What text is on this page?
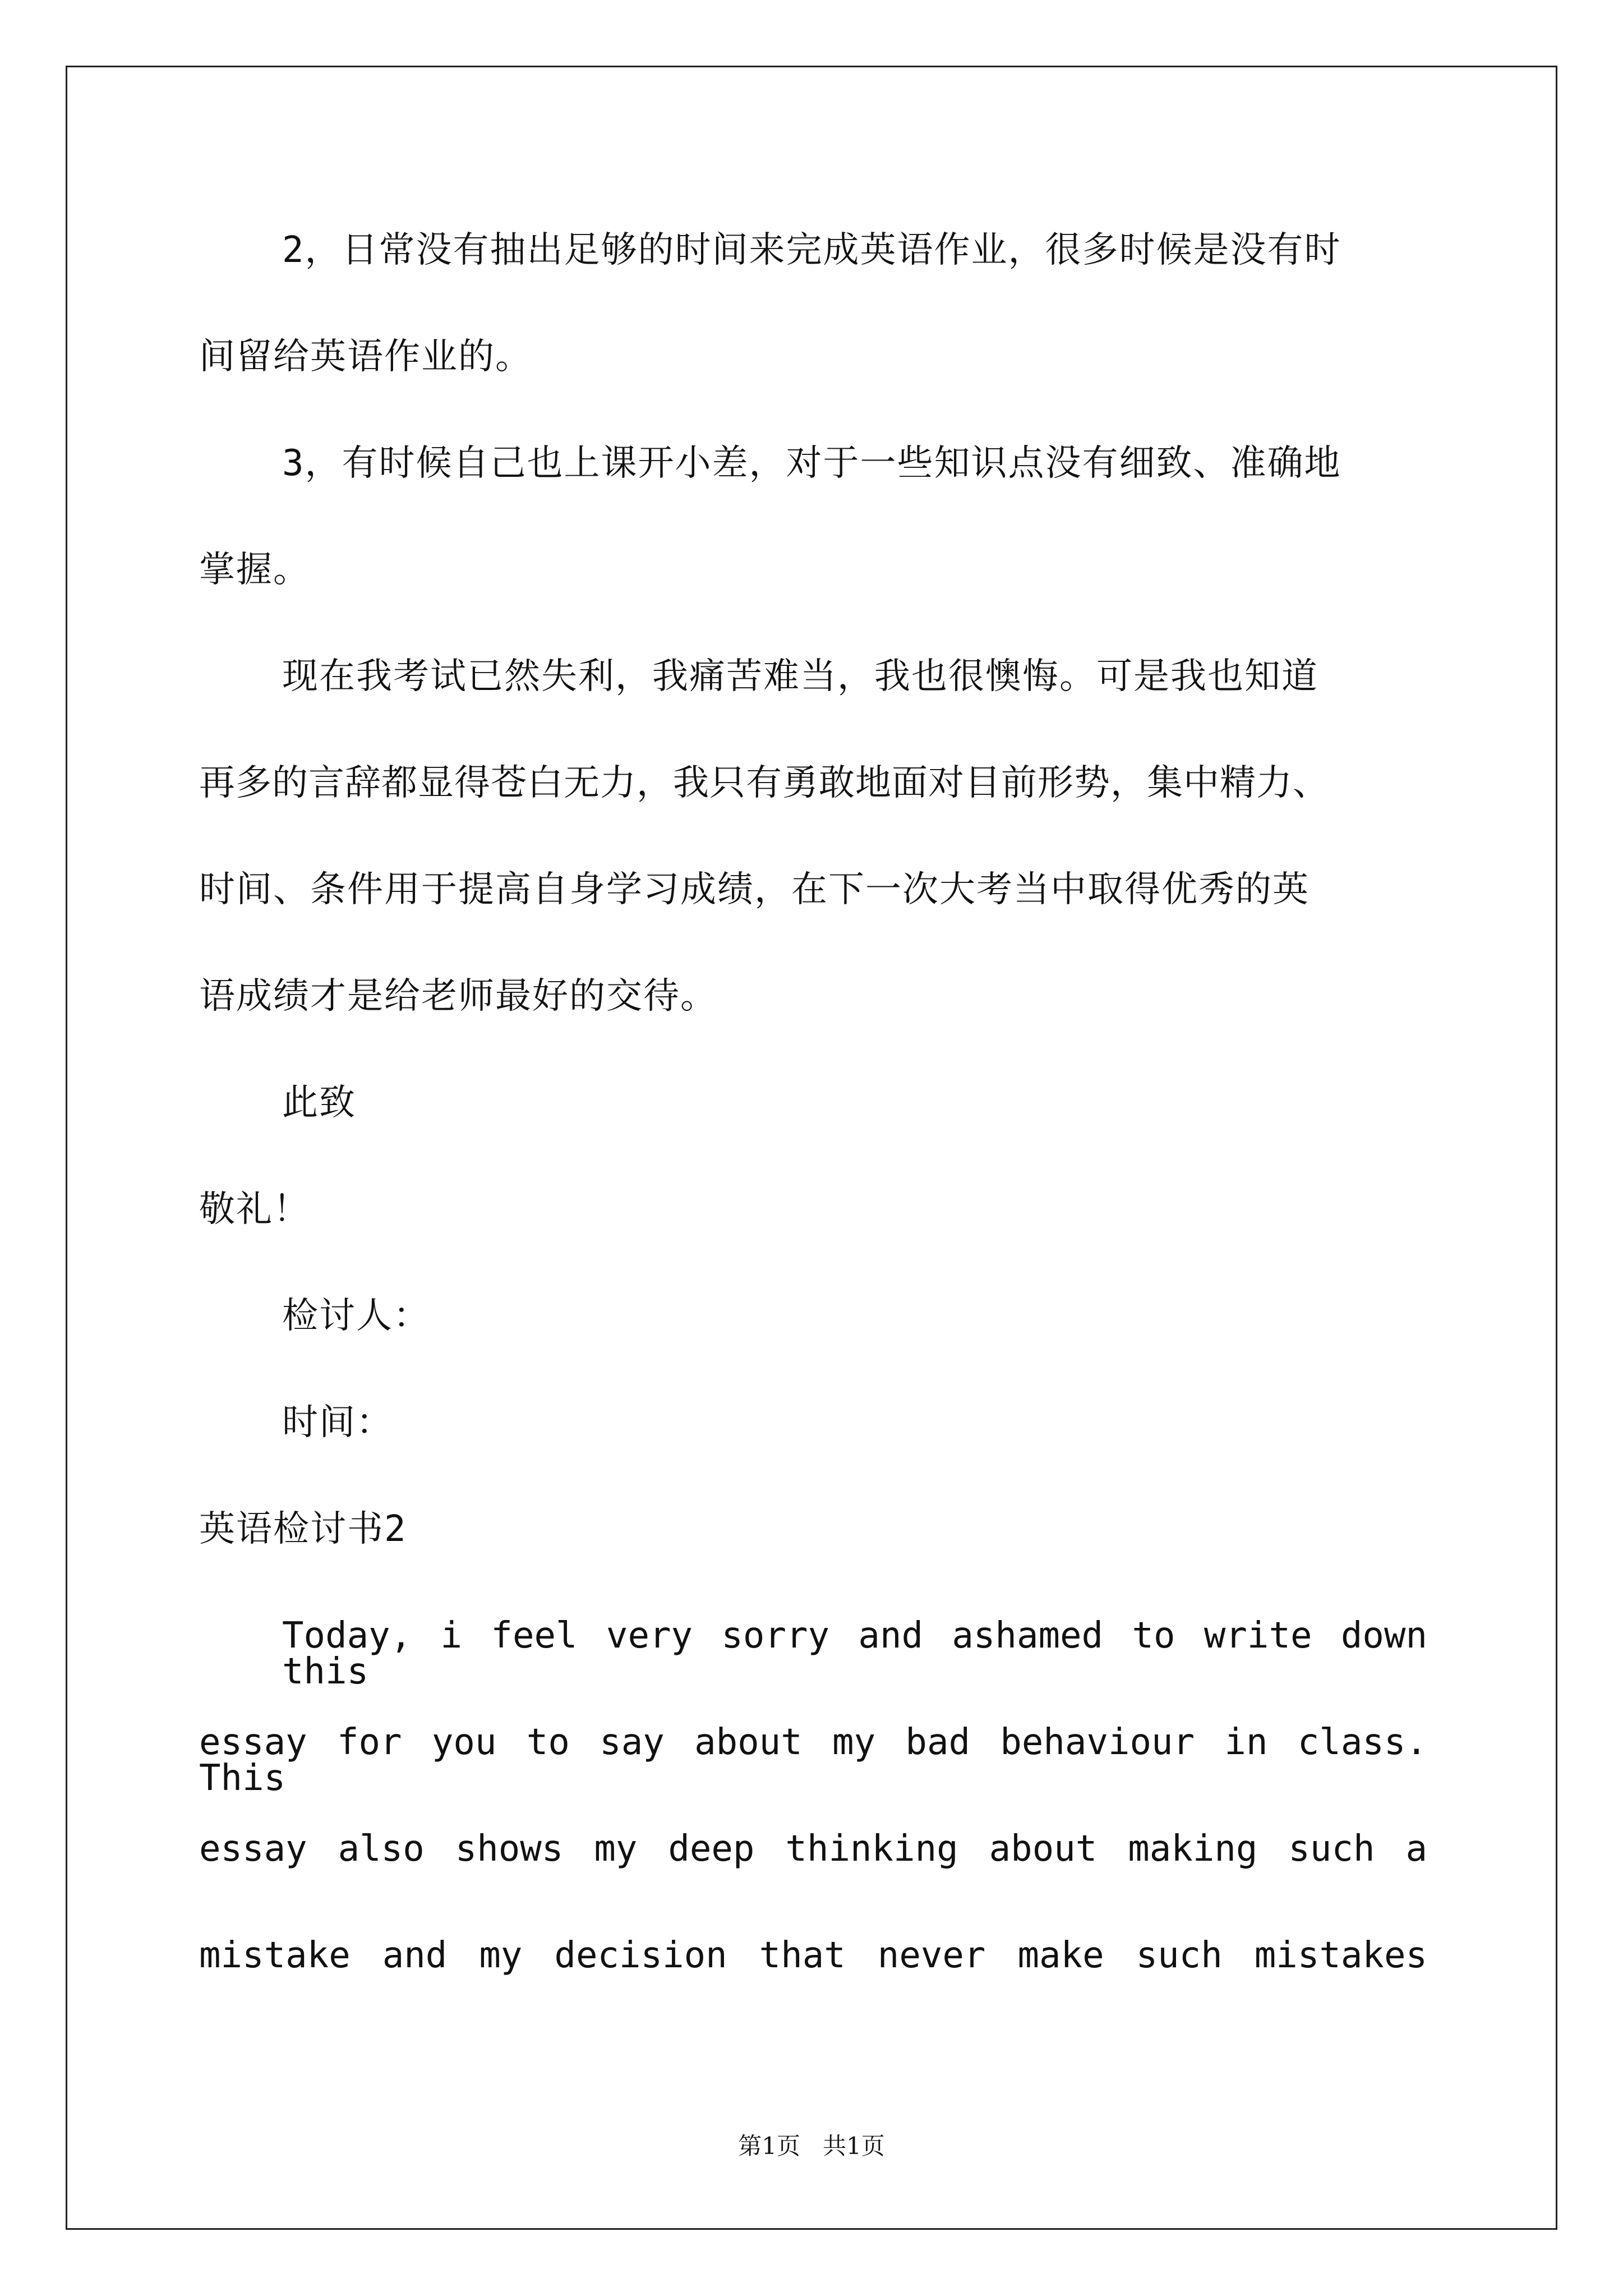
2，日常没有抽出足够的时间来完成英语作业，很多时候是没有时
间留给英语作业的。
3，有时候自己也上课开小差，对于一些知识点没有细致、准确地
掌握。
现在我考试已然失利，我痛苦难当，我也很懊悔。可是我也知道
再多的言辞都显得苍白无力，我只有勇敢地面对目前形势，集中精力、
时间、条件用于提高自身学习成绩，在下一次大考当中取得优秀的英
语成绩才是给老师最好的交待。
此致
敬礼！
检讨人：
时间：
英语检讨书2
Today, i feel very sorry and ashamed to write down this
essay for you to say about my bad behaviour in class. This
essay also shows my deep thinking about making such a
mistake and my decision that never make such mistakes
第1页   共1页
